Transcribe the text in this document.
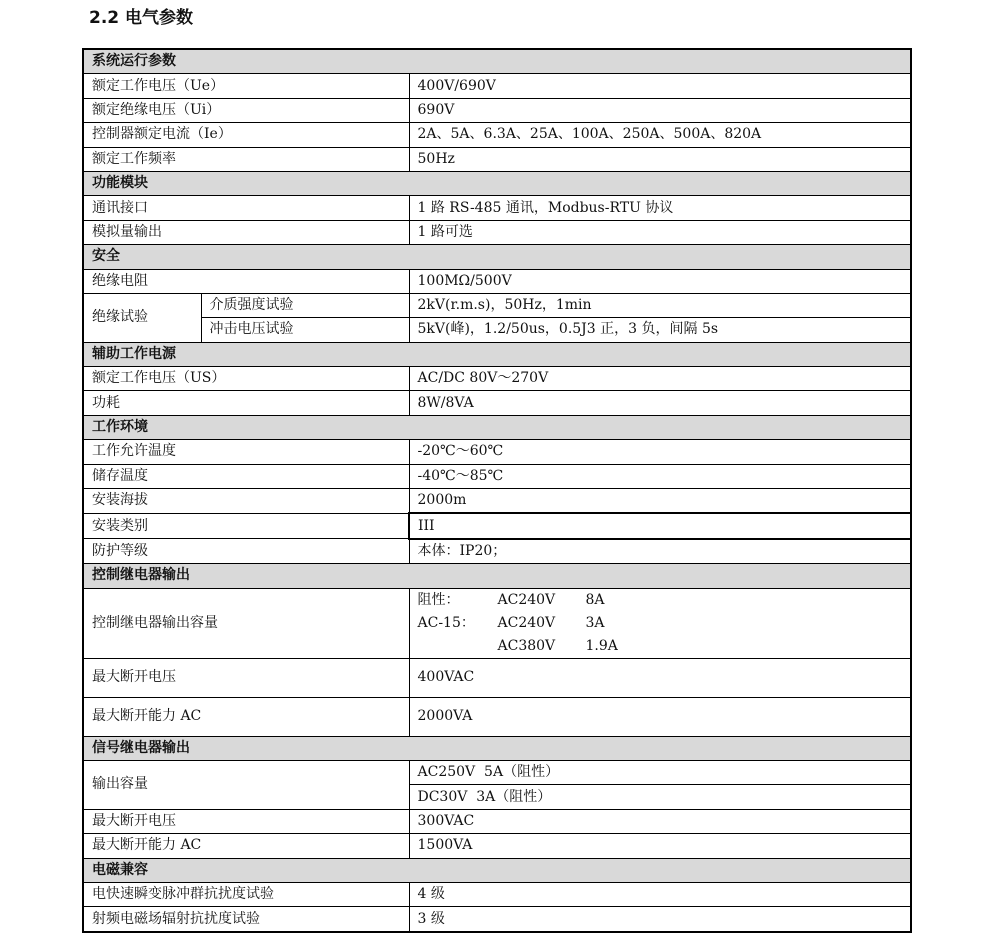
2.2 电气参数
系统运行参数		
额定工作电压（Ue）		400V/690V
额定绝缘电压（Ui）		690V
控制器额定电流（Ie）		2A、5A、6.3A、25A、100A、250A、500A、820A
额定工作频率		50Hz
功能模块		
通讯接口		1 路 RS-485 通讯，Modbus-RTU 协议
模拟量输出		1 路可选
安全		
绝缘电阻		100MΩ/500V
绝缘试验	介质强度试验	2kV(r.m.s)，50Hz，1min
	冲击电压试验	5kV(峰)，1.2/50us，0.5J3 正，3 负，间隔 5s
辅助工作电源		
额定工作电压（US）		AC/DC 80V～270V
功耗		8W/8VA
工作环境		
工作允许温度		-20℃～60℃
储存温度		-40℃～85℃
安装海拔		2000m
安装类别		III
防护等级		本体：IP20；
控制继电器输出		
控制继电器输出容量		阻性： AC240V 8A
AC-15： AC240V 3A
AC380V 1.9A

最大断开电压		400VAC
最大断开能力 AC		2000VA
信号继电器输出		
输出容量		AC250V  5A（阻性）
		DC30V  3A（阻性）
最大断开电压		300VAC
最大断开能力 AC		1500VA
电磁兼容		
电快速瞬变脉冲群抗扰度试验		4 级
射频电磁场辐射抗扰度试验		3 级
